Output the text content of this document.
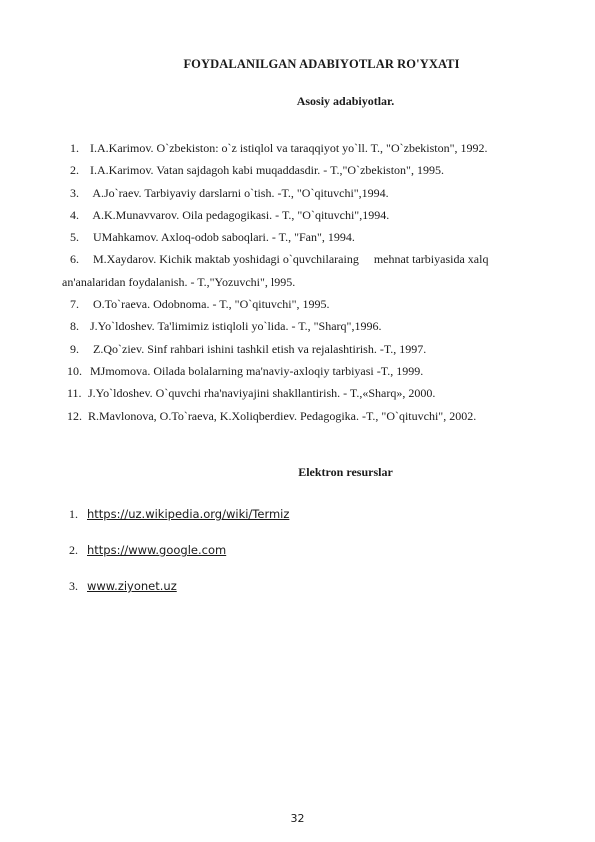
FOYDALANILGAN ADABIYOTLAR RO'YXATI
Asosiy adabiyotlar.
1. I.A.Karimov. O`zbekiston: o`z istiqlol va taraqqiyot yo`ll. T., "O`zbekiston", 1992.
2. I.A.Karimov. Vatan sajdagoh kabi muqaddasdir. - T.,"O`zbekiston", 1995.
3. A.Jo`raev. Tarbiyaviy darslarni o`tish. -T., "O`qituvchi",1994.
4. A.K.Munavvarov. Oila pedagogikasi. - T., "O`qituvchi",1994.
5. UMahkamov. Axloq-odob saboqlari. - T., "Fan", 1994.
6. M.Xaydarov. Kichik maktab yoshidagi o`quvchilaraing     mehnat tarbiyasida xalq
an'analaridan foydalanish. - T.,"Yozuvchi", l995.
7. O.To`raeva. Odobnoma. - T., "O`qituvchi", 1995.
8. J.Yo`ldoshev. Ta'limimiz istiqloli yo`lida. - T., "Sharq",1996.
9. Z.Qo`ziev. Sinf rahbari ishini tashkil etish va rejalashtirish. -T., 1997.
10. MJmomova. Oilada bolalarning ma'naviy-axloqiy tarbiyasi -T., 1999.
11. J.Yo`ldoshev. O`quvchi rha'naviyajini shakllantirish. - T.,«Sharq», 2000.
12. R.Mavlonova, O.To`raeva, K.Xoliqberdiev. Pedagogika. -T., "O`qituvchi", 2002.
Elektron resurslar
1. https://uz.wikipedia.org/wiki/Termiz
2. https://www.google.com
3. www.ziyonet.uz
32
